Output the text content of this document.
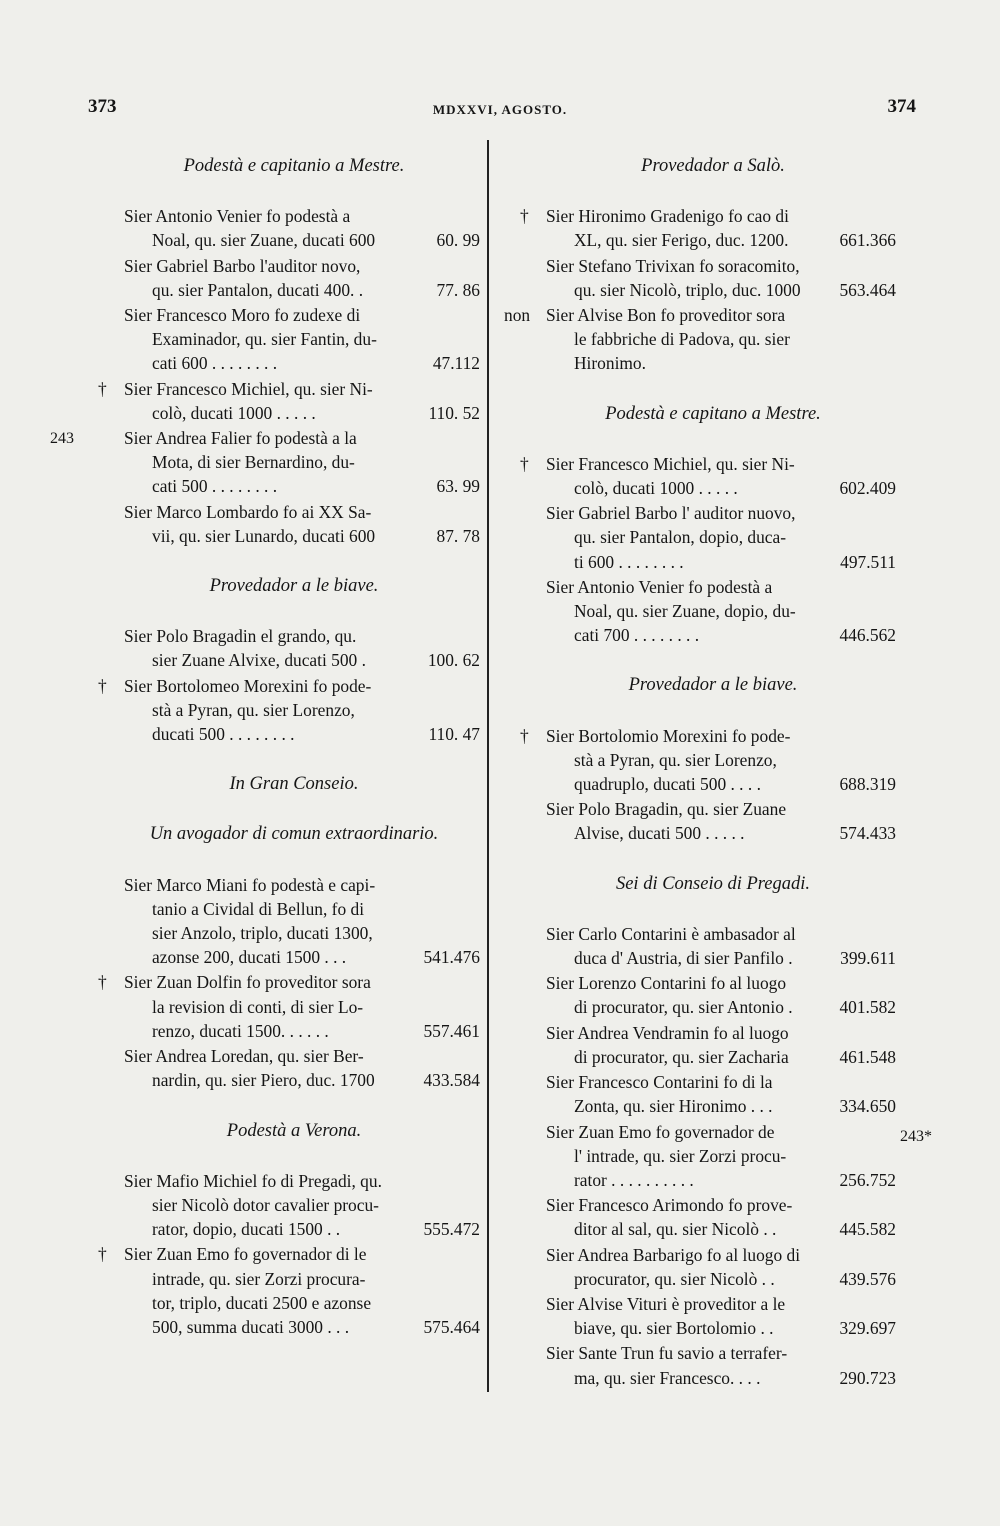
373	MDXXVI, AGOSTO.	374
243
243*
Podestà e capitanio a Mestre.
Sier Antonio Venier fo podestà a
Noal, qu. sier Zuane, ducati 600	60. 99
Sier Gabriel Barbo l'auditor novo,
qu. sier Pantalon, ducati 400. .	77. 86
Sier Francesco Moro fo zudexe di
Examinador, qu. sier Fantin, du-
cati 600 . . . . . . . .	47.112
† Sier Francesco Michiel, qu. sier Ni-
colò, ducati 1000 . . . . .	110. 52
Sier Andrea Falier fo podestà a la
Mota, di sier Bernardino, du-
cati 500 . . . . . . . .	63. 99
Sier Marco Lombardo fo ai XX Sa-
vii, qu. sier Lunardo, ducati 600	87. 78
Provedador a le biave.
Sier Polo Bragadin el grando, qu.
sier Zuane Alvixe, ducati 500 .	100. 62
† Sier Bortolomeo Morexini fo pode-
stà a Pyran, qu. sier Lorenzo,
ducati 500 . . . . . . . .	110. 47
In Gran Conseio.
Un avogador di comun extraordinario.
Sier Marco Miani fo podestà e capi-
tanio a Cividal di Bellun, fo di
sier Anzolo, triplo, ducati 1300,
azonse 200, ducati 1500 . . .	541.476
† Sier Zuan Dolfin fo proveditor sora
la revision di conti, di sier Lo-
renzo, ducati 1500. . . . . .	557.461
Sier Andrea Loredan, qu. sier Ber-
nardin, qu. sier Piero, duc. 1700	433.584
Podestà a Verona.
Sier Mafio Michiel fo di Pregadi, qu.
sier Nicolò dotor cavalier procu-
rator, dopio, ducati 1500 . .	555.472
† Sier Zuan Emo fo governador di le
intrade, qu. sier Zorzi procura-
tor, triplo, ducati 2500 e azonse
500, summa ducati 3000 . . .	575.464
Provedador a Salò.
† Sier Hironimo Gradenigo fo cao di
XL, qu. sier Ferigo, duc. 1200.	661.366
Sier Stefano Trivixan fo soracomito,
qu. sier Nicolò, triplo, duc. 1000	563.464
non Sier Alvise Bon fo proveditor sora
le fabbriche di Padova, qu. sier
Hironimo.
Podestà e capitano a Mestre.
† Sier Francesco Michiel, qu. sier Ni-
colò, ducati 1000 . . . . .	602.409
Sier Gabriel Barbo l' auditor nuovo,
qu. sier Pantalon, dopio, duca-
ti 600 . . . . . . . .	497.511
Sier Antonio Venier fo podestà a
Noal, qu. sier Zuane, dopio, du-
cati 700 . . . . . . . .	446.562
Provedador a le biave.
† Sier Bortolomio Morexini fo pode-
stà a Pyran, qu. sier Lorenzo,
quadruplo, ducati 500 . . . .	688.319
Sier Polo Bragadin, qu. sier Zuane
Alvise, ducati 500 . . . . .	574.433
Sei di Conseio di Pregadi.
Sier Carlo Contarini è ambasador al
duca d' Austria, di sier Panfilo .	399.611
Sier Lorenzo Contarini fo al luogo
di procurator, qu. sier Antonio .	401.582
Sier Andrea Vendramin fo al luogo
di procurator, qu. sier Zacharia	461.548
Sier Francesco Contarini fo di la
Zonta, qu. sier Hironimo . . .	334.650
Sier Zuan Emo fo governador de
l' intrade, qu. sier Zorzi procu-
rator . . . . . . . . . .	256.752
Sier Francesco Arimondo fo prove-
ditor al sal, qu. sier Nicolò . .	445.582
Sier Andrea Barbarigo fo al luogo di
procurator, qu. sier Nicolò . .	439.576
Sier Alvise Vituri è proveditor a le
biave, qu. sier Bortolomio . .	329.697
Sier Sante Trun fu savio a terrafer-
ma, qu. sier Francesco. . . .	290.723
